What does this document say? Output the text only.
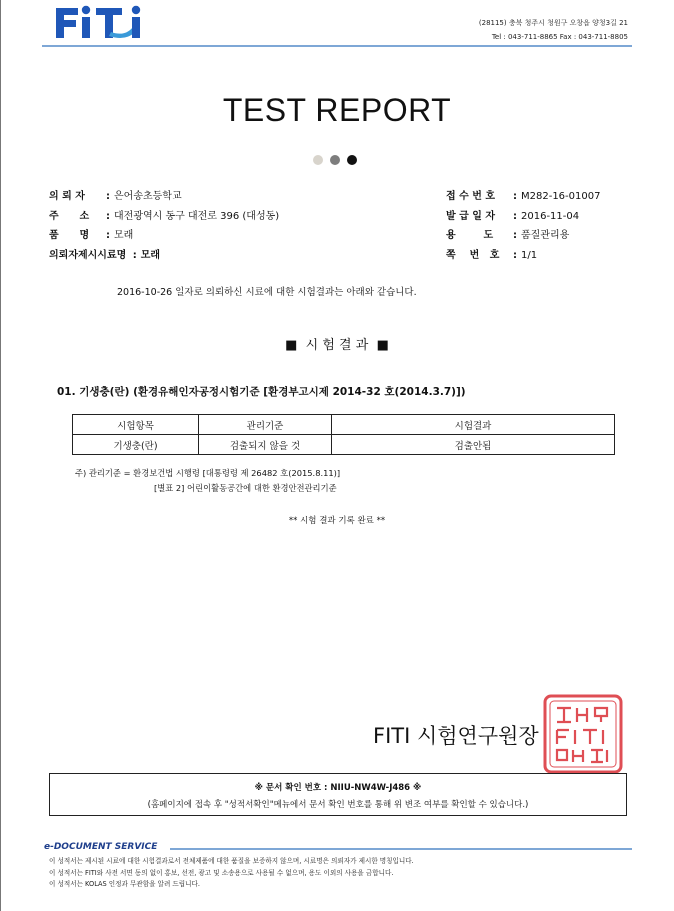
(28115) 충북 청주시 청원구 오창읍 양청3길 21
Tel : 043-711-8865 Fax : 043-711-8805
TEST REPORT
의 뢰 자 : 은어송초등학교
주      소 : 대전광역시 동구 대전로 396 (대성동)
품      명 : 모래
의뢰자제시시료명 : 모래
접 수 번 호 : M282-16-01007
발 급 일 자 : 2016-11-04
용        도 : 품질관리용
쪽    번   호 : 1/1
2016-10-26 일자로 의뢰하신 시료에 대한 시험결과는 아래와 같습니다.
■  시 험 결 과  ■
01. 기생충(란) (환경유해인자공정시험기준 [환경부고시제 2014-32 호(2014.3.7)])
시험항목	관리기준	시험결과
기생충(란)	검출되지 않을 것	검출안됨
주) 관리기준 = 환경보건법 시행령 [대통령령 제 26482 호(2015.8.11)]
[별표 2] 어린이활동공간에 대한 환경안전관리기준
** 시험 결과 기록 완료 **
FITI 시험연구원장
※ 문서 확인 번호 : NIIU-NW4W-J486 ※
(홈페이지에 접속 후 "성적서확인"메뉴에서 문서 확인 번호를 통해 위 변조 여부를 확인할 수 있습니다.)
e-DOCUMENT SERVICE
이 성적서는 제시된 시료에 대한 시험결과로서 전체제품에 대한 품질을 보증하지 않으며, 시료명은 의뢰자가 제시한 명칭입니다.
이 성적서는 FITI와 사전 서면 동의 없이 홍보, 선전, 광고 및 소송용으로 사용될 수 없으며, 용도 이외의 사용을 금합니다.
이 성적서는 KOLAS 인정과 무관함을 알려 드립니다.
